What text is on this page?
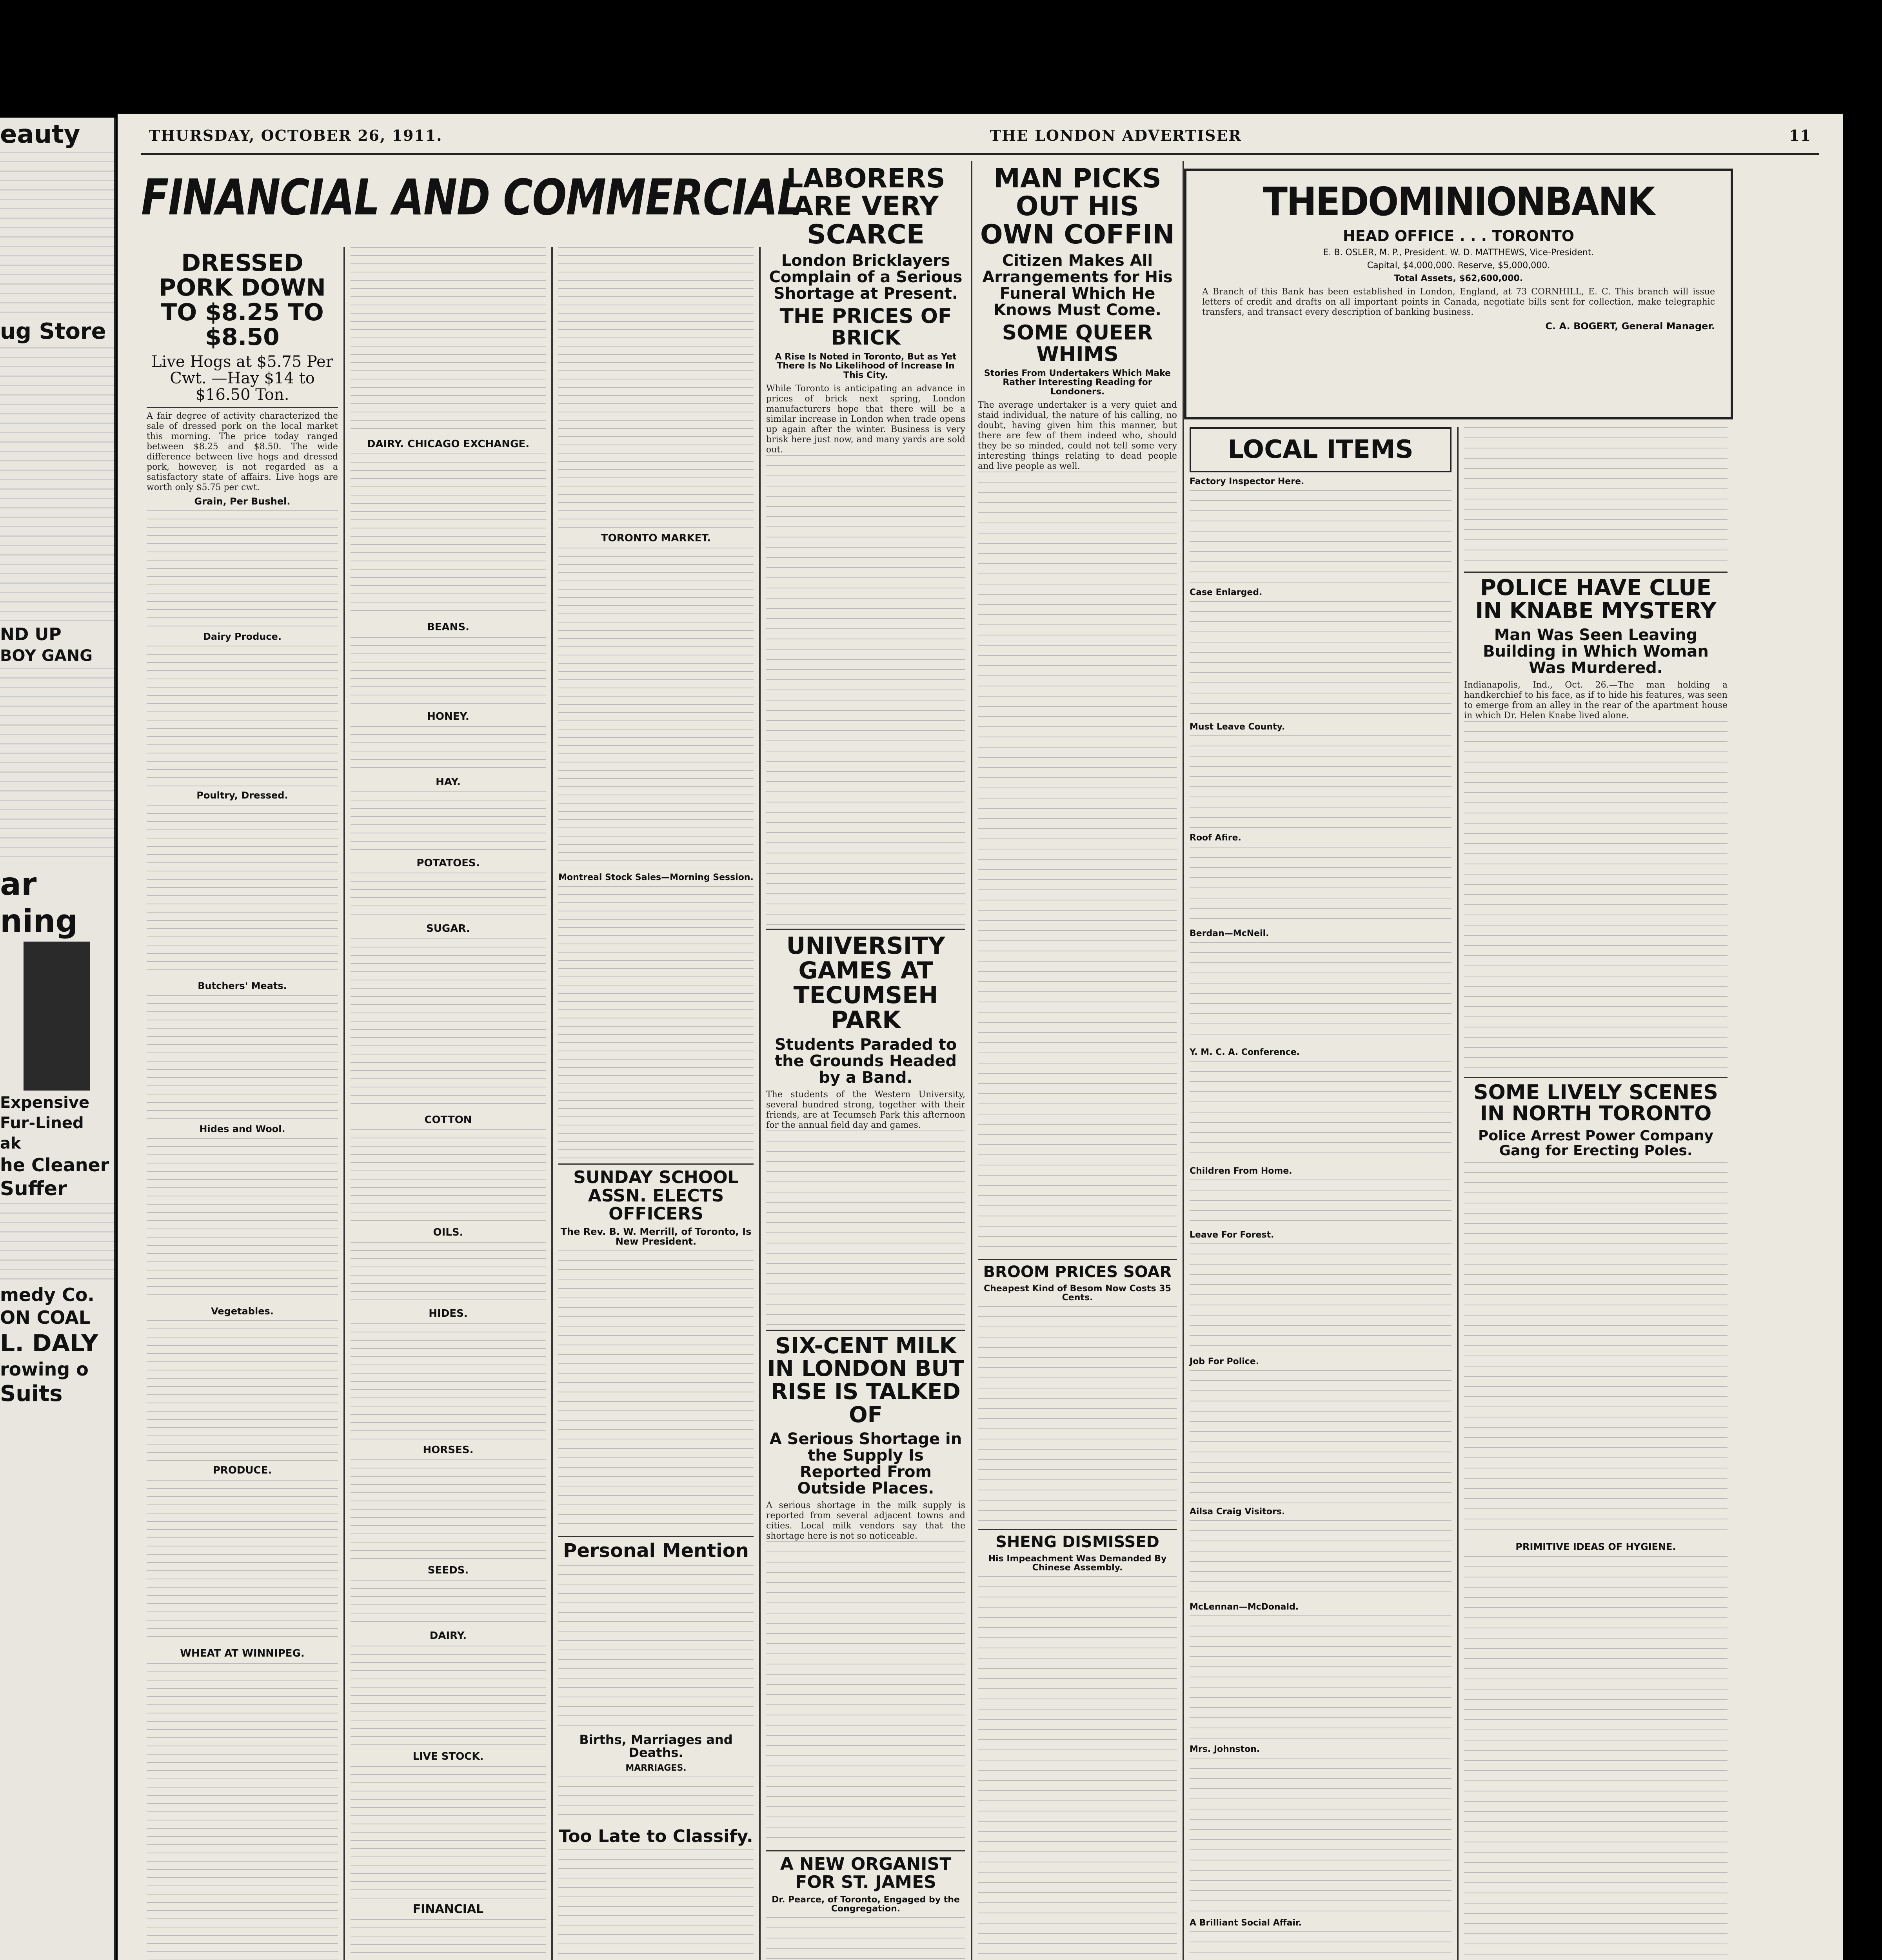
eauty
ug Store
ND UP
BOY GANG
ar
ning
Expensive
Fur-Lined
ak
he Cleaner
Suffer
medy Co.
ON COAL
L. DALY
rowing o
Suits
THURSDAY, OCTOBER 26, 1911.	THE LONDON ADVERTISER	11
FINANCIAL AND COMMERCIAL
DRESSED PORK DOWN TO $8.25 TO $8.50
Live Hogs at $5.75 Per Cwt. —Hay $14 to $16.50 Ton.
A fair degree of activity characterized the sale of dressed pork on the local market this morning. The price today ranged between $8.25 and $8.50. The wide difference between live hogs and dressed pork, however, is not regarded as a satisfactory state of affairs. Live hogs are worth only $5.75 per cwt.
Grain, Per Bushel.
Dairy Produce.
Poultry, Dressed.
Butchers' Meats.
Hides and Wool.
Vegetables.
PRODUCE.
WHEAT AT WINNIPEG.
DAIRY. CHICAGO EXCHANGE.
BEANS.
HONEY.
HAY.
POTATOES.
SUGAR.
COTTON
OILS.
HIDES.
HORSES.
SEEDS.
DAIRY.
LIVE STOCK.
FINANCIAL
TORONTO MARKET.
Montreal Stock Sales—Morning Session.
SUNDAY SCHOOL ASSN. ELECTS OFFICERS
The Rev. B. W. Merrill, of Toronto, Is New President.
Personal Mention
Births, Marriages and Deaths.
MARRIAGES.
Too Late to Classify.
LABORERS ARE VERY SCARCE
London Bricklayers Complain of a Serious Shortage at Present.
THE PRICES OF BRICK
A Rise Is Noted in Toronto, But as Yet There Is No Likelihood of Increase In This City.
While Toronto is anticipating an advance in prices of brick next spring, London manufacturers hope that there will be a similar increase in London when trade opens up again after the winter. Business is very brisk here just now, and many yards are sold out.
UNIVERSITY GAMES AT TECUMSEH PARK
Students Paraded to the Grounds Headed by a Band.
The students of the Western University, several hundred strong, together with their friends, are at Tecumseh Park this afternoon for the annual field day and games.
SIX-CENT MILK IN LONDON BUT RISE IS TALKED OF
A Serious Shortage in the Supply Is Reported From Outside Places.
A serious shortage in the milk supply is reported from several adjacent towns and cities. Local milk vendors say that the shortage here is not so noticeable.
A NEW ORGANIST FOR ST. JAMES
Dr. Pearce, of Toronto, Engaged by the Congregation.
MAN PICKS OUT HIS OWN COFFIN
Citizen Makes All Arrangements for His Funeral Which He Knows Must Come.
SOME QUEER WHIMS
Stories From Undertakers Which Make Rather Interesting Reading for Londoners.
The average undertaker is a very quiet and staid individual, the nature of his calling, no doubt, having given him this manner, but there are few of them indeed who, should they be so minded, could not tell some very interesting things relating to dead people and live people as well.
BROOM PRICES SOAR
Cheapest Kind of Besom Now Costs 35 Cents.
SHENG DISMISSED
His Impeachment Was Demanded By Chinese Assembly.
THEDOMINIONBANK
HEAD OFFICE . . . TORONTO
E. B. OSLER, M. P., President. W. D. MATTHEWS, Vice-President.
Capital, $4,000,000. Reserve, $5,000,000.
Total Assets, $62,600,000.
A Branch of this Bank has been established in London, England, at 73 CORNHILL, E. C. This branch will issue letters of credit and drafts on all important points in Canada, negotiate bills sent for collection, make telegraphic transfers, and transact every description of banking business.
C. A. BOGERT, General Manager.
LOCAL ITEMS
Factory Inspector Here.
Case Enlarged.
Must Leave County.
Roof Afire.
Berdan—McNeil.
Y. M. C. A. Conference.
Children From Home.
Leave For Forest.
Job For Police.
Ailsa Craig Visitors.
McLennan—McDonald.
Mrs. Johnston.
A Brilliant Social Affair.
POLICE HAVE CLUE IN KNABE MYSTERY
Man Was Seen Leaving Building in Which Woman Was Murdered.
Indianapolis, Ind., Oct. 26.—The man holding a handkerchief to his face, as if to hide his features, was seen to emerge from an alley in the rear of the apartment house in which Dr. Helen Knabe lived alone.
SOME LIVELY SCENES IN NORTH TORONTO
Police Arrest Power Company Gang for Erecting Poles.
PRIMITIVE IDEAS OF HYGIENE.
